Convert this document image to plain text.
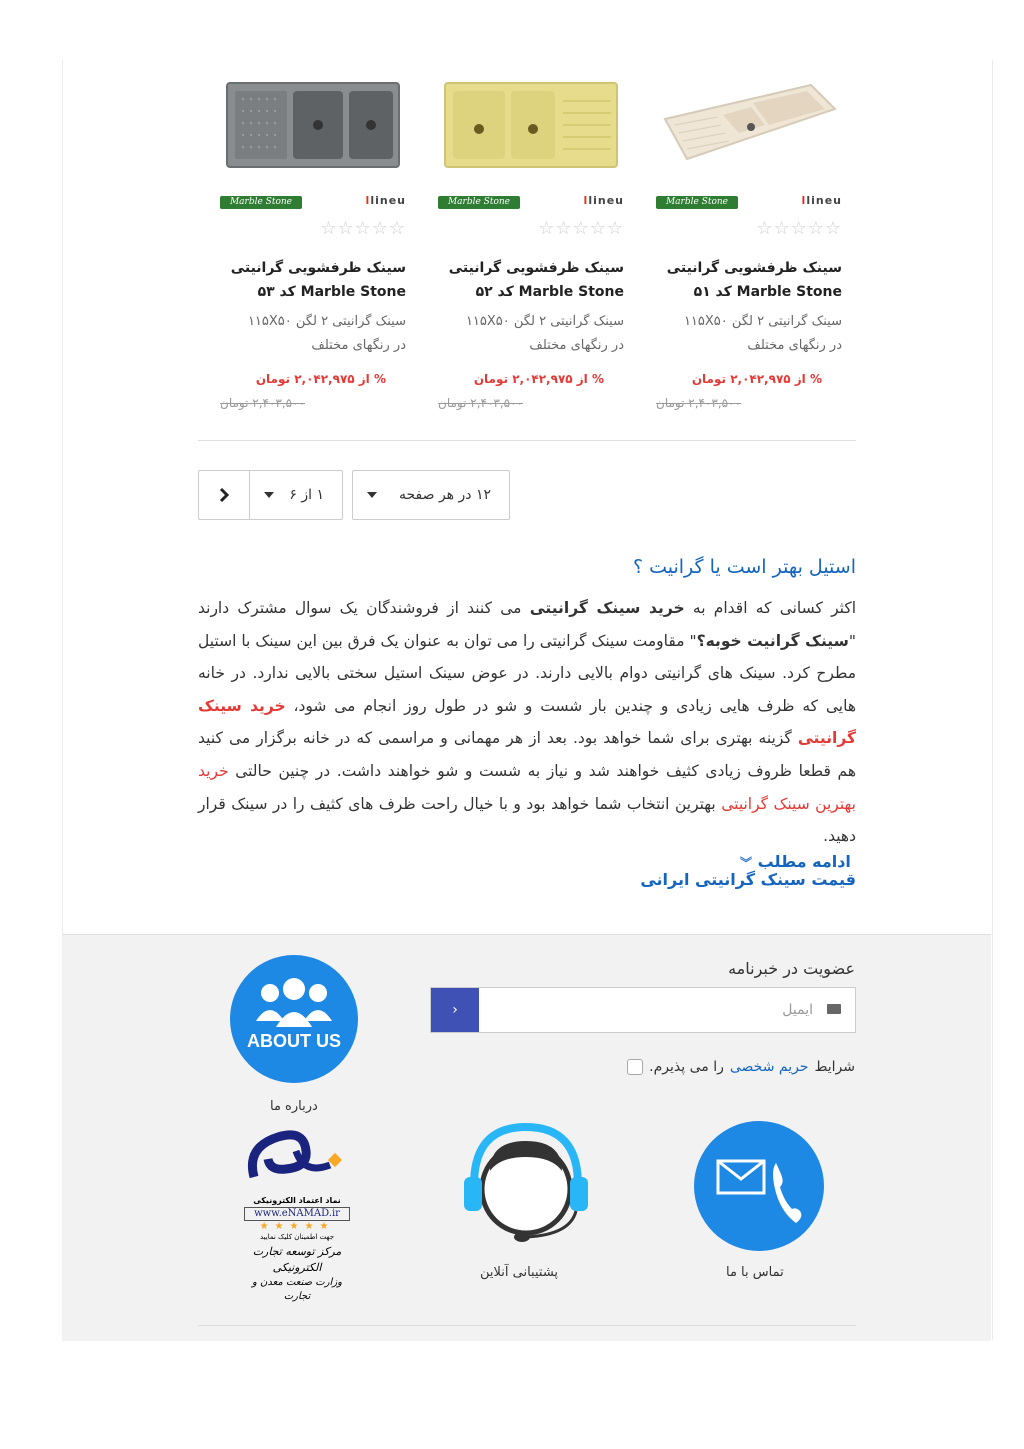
llineu
Marble Stone
☆☆☆☆☆
سینک ظرفشویی گرانیتی
Marble Stone کد ۵۳
سینک گرانیتی ۲ لگن ۱۱۵X۵۰
در رنگهای مختلف
% از ۲,۰۴۲,۹۷۵ تومان
۲,۴۰۳,۵۰۰ تومان
llineu
Marble Stone
☆☆☆☆☆
سینک ظرفشویی گرانیتی
Marble Stone کد ۵۲
سینک گرانیتی ۲ لگن ۱۱۵X۵۰
در رنگهای مختلف
% از ۲,۰۴۲,۹۷۵ تومان
۲,۴۰۳,۵۰۰ تومان
llineu
Marble Stone
☆☆☆☆☆
سینک ظرفشویی گرانیتی
Marble Stone کد ۵۱
سینک گرانیتی ۲ لگن ۱۱۵X۵۰
در رنگهای مختلف
% از ۲,۰۴۲,۹۷۵ تومان
۲,۴۰۳,۵۰۰ تومان
۱۲ در هر صفحه
۱ از ۶
استیل بهتر است یا گرانیت ؟
اکثر کسانی که اقدام به خرید سینک گرانیتی می کنند از فروشندگان یک سوال مشترک دارند "سینک گرانیت خوبه؟" مقاومت سینک گرانیتی را می توان به عنوان یک فرق بین این سینک با استیل مطرح کرد. سینک های گرانیتی دوام بالایی دارند. در عوض سینک استیل سختی بالایی ندارد. در خانه هایی که ظرف هایی زیادی و چندین بار شست و شو در طول روز انجام می شود، خرید سینک گرانیتی گزینه بهتری برای شما خواهد بود. بعد از هر مهمانی و مراسمی که در خانه برگزار می کنید هم قطعا ظروف زیادی کثیف خواهند شد و نیاز به شست و شو خواهند داشت. در چنین حالتی خرید بهترین سینک گرانیتی بهترین انتخاب شما خواهد بود و با خیال راحت ظرف های کثیف را در سینک قرار دهید.
ادامه مطلب ︾
قیمت سینک گرانیتی ایرانی
عضویت در خبرنامه
›
ایمیل
شرایط
حریم شخصی
را می پذیرم.
ABOUT US
درباره ما
تماس با ما
پشتیبانی آنلاین
نماد اعتماد الکترونیکی
www.eNAMAD.ir
★★★★★
جهت اطمینان کلیک نمایید
مرکز توسعه تجارت الکترونیکی
وزارت صنعت معدن و تجارت
